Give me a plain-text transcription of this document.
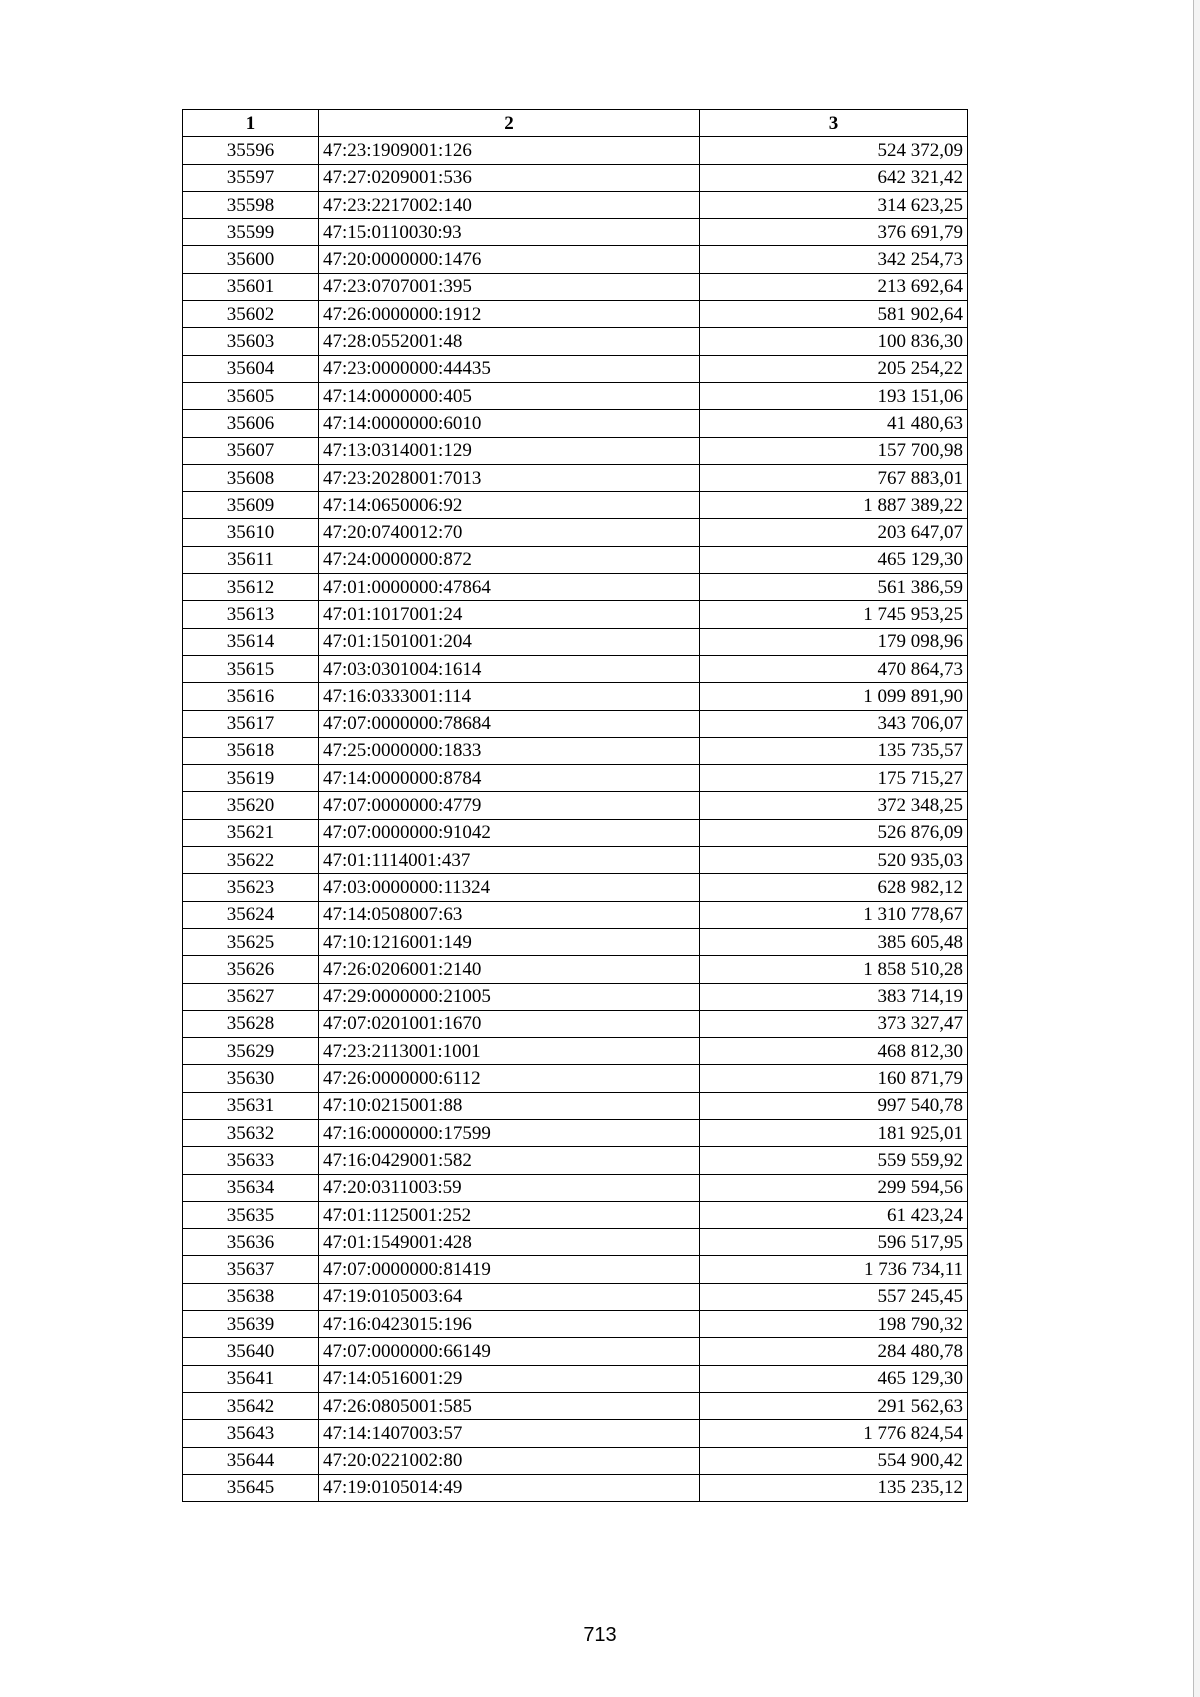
1	2	3
35596	47:23:1909001:126	524 372,09
35597	47:27:0209001:536	642 321,42
35598	47:23:2217002:140	314 623,25
35599	47:15:0110030:93	376 691,79
35600	47:20:0000000:1476	342 254,73
35601	47:23:0707001:395	213 692,64
35602	47:26:0000000:1912	581 902,64
35603	47:28:0552001:48	100 836,30
35604	47:23:0000000:44435	205 254,22
35605	47:14:0000000:405	193 151,06
35606	47:14:0000000:6010	41 480,63
35607	47:13:0314001:129	157 700,98
35608	47:23:2028001:7013	767 883,01
35609	47:14:0650006:92	1 887 389,22
35610	47:20:0740012:70	203 647,07
35611	47:24:0000000:872	465 129,30
35612	47:01:0000000:47864	561 386,59
35613	47:01:1017001:24	1 745 953,25
35614	47:01:1501001:204	179 098,96
35615	47:03:0301004:1614	470 864,73
35616	47:16:0333001:114	1 099 891,90
35617	47:07:0000000:78684	343 706,07
35618	47:25:0000000:1833	135 735,57
35619	47:14:0000000:8784	175 715,27
35620	47:07:0000000:4779	372 348,25
35621	47:07:0000000:91042	526 876,09
35622	47:01:1114001:437	520 935,03
35623	47:03:0000000:11324	628 982,12
35624	47:14:0508007:63	1 310 778,67
35625	47:10:1216001:149	385 605,48
35626	47:26:0206001:2140	1 858 510,28
35627	47:29:0000000:21005	383 714,19
35628	47:07:0201001:1670	373 327,47
35629	47:23:2113001:1001	468 812,30
35630	47:26:0000000:6112	160 871,79
35631	47:10:0215001:88	997 540,78
35632	47:16:0000000:17599	181 925,01
35633	47:16:0429001:582	559 559,92
35634	47:20:0311003:59	299 594,56
35635	47:01:1125001:252	61 423,24
35636	47:01:1549001:428	596 517,95
35637	47:07:0000000:81419	1 736 734,11
35638	47:19:0105003:64	557 245,45
35639	47:16:0423015:196	198 790,32
35640	47:07:0000000:66149	284 480,78
35641	47:14:0516001:29	465 129,30
35642	47:26:0805001:585	291 562,63
35643	47:14:1407003:57	1 776 824,54
35644	47:20:0221002:80	554 900,42
35645	47:19:0105014:49	135 235,12
713
